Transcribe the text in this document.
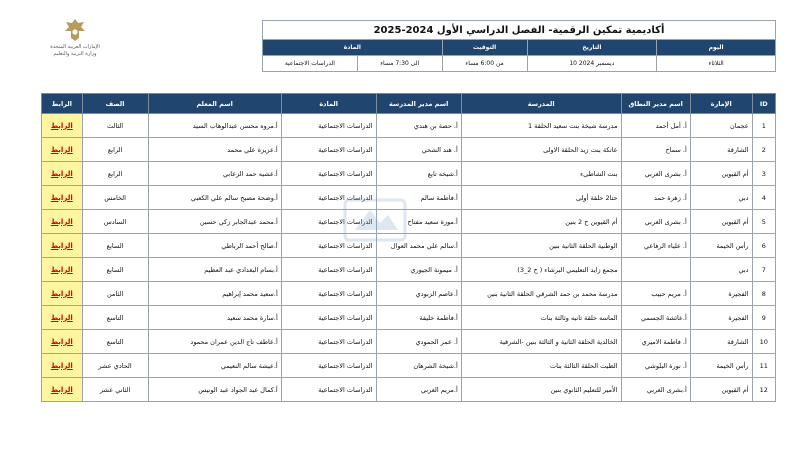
الإمارات العربية المتحدة
وزارة التربية والتعليم
أكاديمية تمكين الرقمية- الفصل الدراسي الأول 2024-2025				
المادة		التوقيت	التاريخ	اليوم
الدراسات الاجتماعية	الى 7:30 مساء	من 6:00 مساء	10 ديسمبر 2024	الثلاثاء
ID	الإمارة	اسم مدير النطاق	المدرسة	اسم مدير المدرسة	المادة	اسم المعلم	الصف	الرابط
1	عجمان	أ. أمل أحمد	مدرسة شيخة بنت سعيد الحلقة 1	أ. حصة بن هندي	الدراسات الاجتماعية	أ.مروه محسن عبدالوهاب السيد	الثالث	الرابط
2	الشارقة	أ. سماح	عاتكة بنت زيد الحلقة الاولى	أ. هند الشحي	الدراسات الاجتماعية	أ.عزيزة علي محمد	الرابع	الرابط
3	أم القيوين	أ. بشرى الغربي	بنت الشاطىء	أ.شيخه تايع	الدراسات الاجتماعية	أ.عشيه حمد الزعابي	الرابع	الرابط
4	دبي	أ. زهرة حمد	حتا2 حلقة أولى	أ.فاطمة سالم	الدراسات الاجتماعية	أ.وضحة مصبح سالم علي الكعبي	الخامس	الرابط
5	أم القيوين	أ. بشرى الغربي	أم القيوين ح 2 بنين	أ.موزة سعيد مفتاح	الدراسات الاجتماعية	أ.محمد عبدالجابر زكي حسين	السادس	الرابط
6	رأس الخيمة	أ. علياء الرفاعي	الوطنية الحلقة الثانية بنين	أ.سالم علي محمد العوال	الدراسات الاجتماعية	أ.صالح أحمد الرباطي	السابع	الرابط
7	دبي		مجمع زايد التعليمي البرشاء ( ح 2_3)	أ. ميمونة الجيوري	الدراسات الاجتماعية	أ.بسام البغدادي عبد العظيم	السابع	الرابط
8	الفجيرة	أ. مريم حبيب	مدرسة محمد بن حمد الشرقي الحلقة الثانية بنين	أ.عاصم الزبودي	الدراسات الاجتماعية	أ.سعيد محمد إبراهيم	الثامن	الرابط
9	الفجيرة	أ.عائشة الجسمي	الماسه حلقة ثانيه وثالثة بنات	أ.فاطمة خليفة	الدراسات الاجتماعية	أ.سارة محمد سعيد	التاسع	الرابط
10	الشارقة	أ. فاطمة الاميري	الخالدية الحلقة الثانية و الثالثة بنين -الشرقية	أ. عمر الحمودي	الدراسات الاجتماعية	أ.عاطف تاج الدين عمران محمود	التاسع	الرابط
11	رأس الخيمة	أ. نورة البلوشي	الظيت الحلقة الثالثة بنات	أ.شيخة الشرهان	الدراسات الاجتماعية	أ.عيشة سالم النعيمي	الحادي عشر	الرابط
12	أم القيوين	أ.بشرى الغربي	الأمير للتعليم الثانوي بنين	أ.مريم الغربي	الدراسات الاجتماعية	أ.كمال عبد الجواد عبد الونيس	الثاني عشر	الرابط
